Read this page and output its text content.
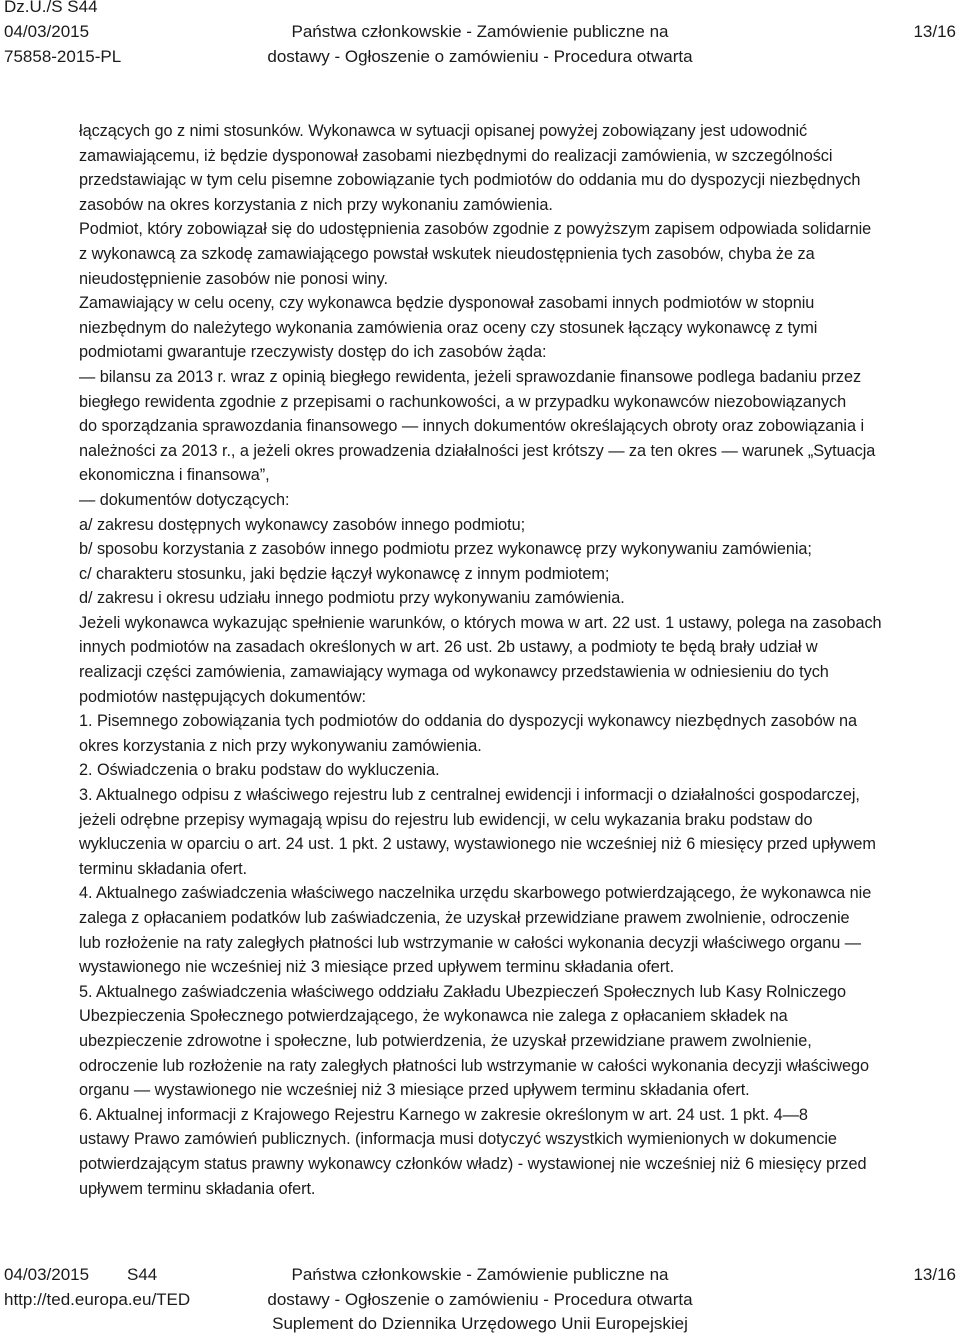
Dz.U./S S44
04/03/2015
75858-2015-PL
Państwa członkowskie - Zamówienie publiczne na
dostawy - Ogłoszenie o zamówieniu - Procedura otwarta
13/16

łączących go z nimi stosunków. Wykonawca w sytuacji opisanej powyżej zobowiązany jest udowodnić

zamawiającemu, iż będzie dysponował zasobami niezbędnymi do realizacji zamówienia, w szczególności

przedstawiając w tym celu pisemne zobowiązanie tych podmiotów do oddania mu do dyspozycji niezbędnych

zasobów na okres korzystania z nich przy wykonaniu zamówienia.

Podmiot, który zobowiązał się do udostępnienia zasobów zgodnie z powyższym zapisem odpowiada solidarnie

z wykonawcą za szkodę zamawiającego powstał wskutek nieudostępnienia tych zasobów, chyba że za

nieudostępnienie zasobów nie ponosi winy.

Zamawiający w celu oceny, czy wykonawca będzie dysponował zasobami innych podmiotów w stopniu

niezbędnym do należytego wykonania zamówienia oraz oceny czy stosunek łączący wykonawcę z tymi

podmiotami gwarantuje rzeczywisty dostęp do ich zasobów żąda:

— bilansu za 2013 r. wraz z opinią biegłego rewidenta, jeżeli sprawozdanie finansowe podlega badaniu przez

biegłego rewidenta zgodnie z przepisami o rachunkowości, a w przypadku wykonawców niezobowiązanych

do sporządzania sprawozdania finansowego — innych dokumentów określających obroty oraz zobowiązania i

należności za 2013 r., a jeżeli okres prowadzenia działalności jest krótszy — za ten okres — warunek „Sytuacja

ekonomiczna i finansowa”,

— dokumentów dotyczących:

a/ zakresu dostępnych wykonawcy zasobów innego podmiotu;

b/ sposobu korzystania z zasobów innego podmiotu przez wykonawcę przy wykonywaniu zamówienia;

c/ charakteru stosunku, jaki będzie łączył wykonawcę z innym podmiotem;

d/ zakresu i okresu udziału innego podmiotu przy wykonywaniu zamówienia.

Jeżeli wykonawca wykazując spełnienie warunków, o których mowa w art. 22 ust. 1 ustawy, polega na zasobach

innych podmiotów na zasadach określonych w art. 26 ust. 2b ustawy, a podmioty te będą brały udział w

realizacji części zamówienia, zamawiający wymaga od wykonawcy przedstawienia w odniesieniu do tych

podmiotów następujących dokumentów:

1. Pisemnego zobowiązania tych podmiotów do oddania do dyspozycji wykonawcy niezbędnych zasobów na

okres korzystania z nich przy wykonywaniu zamówienia.

2. Oświadczenia o braku podstaw do wykluczenia.

3. Aktualnego odpisu z właściwego rejestru lub z centralnej ewidencji i informacji o działalności gospodarczej,

jeżeli odrębne przepisy wymagają wpisu do rejestru lub ewidencji, w celu wykazania braku podstaw do

wykluczenia w oparciu o art. 24 ust. 1 pkt. 2 ustawy, wystawionego nie wcześniej niż 6 miesięcy przed upływem

terminu składania ofert.

4. Aktualnego zaświadczenia właściwego naczelnika urzędu skarbowego potwierdzającego, że wykonawca nie

zalega z opłacaniem podatków lub zaświadczenia, że uzyskał przewidziane prawem zwolnienie, odroczenie

lub rozłożenie na raty zaległych płatności lub wstrzymanie w całości wykonania decyzji właściwego organu —

wystawionego nie wcześniej niż 3 miesiące przed upływem terminu składania ofert.

5. Aktualnego zaświadczenia właściwego oddziału Zakładu Ubezpieczeń Społecznych lub Kasy Rolniczego

Ubezpieczenia Społecznego potwierdzającego, że wykonawca nie zalega z opłacaniem składek na

ubezpieczenie zdrowotne i społeczne, lub potwierdzenia, że uzyskał przewidziane prawem zwolnienie,

odroczenie lub rozłożenie na raty zaległych płatności lub wstrzymanie w całości wykonania decyzji właściwego

organu — wystawionego nie wcześniej niż 3 miesiące przed upływem terminu składania ofert.

6. Aktualnej informacji z Krajowego Rejestru Karnego w zakresie określonym w art. 24 ust. 1 pkt. 4—8

ustawy Prawo zamówień publicznych. (informacja musi dotyczyć wszystkich wymienionych w dokumencie

potwierdzającym status prawny wykonawcy członków władz) - wystawionej nie wcześniej niż 6 miesięcy przed

upływem terminu składania ofert.

04/03/2015 S44
http://ted.europa.eu/TED
Państwa członkowskie - Zamówienie publiczne na
dostawy - Ogłoszenie o zamówieniu - Procedura otwarta
Suplement do Dziennika Urzędowego Unii Europejskiej
13/16
